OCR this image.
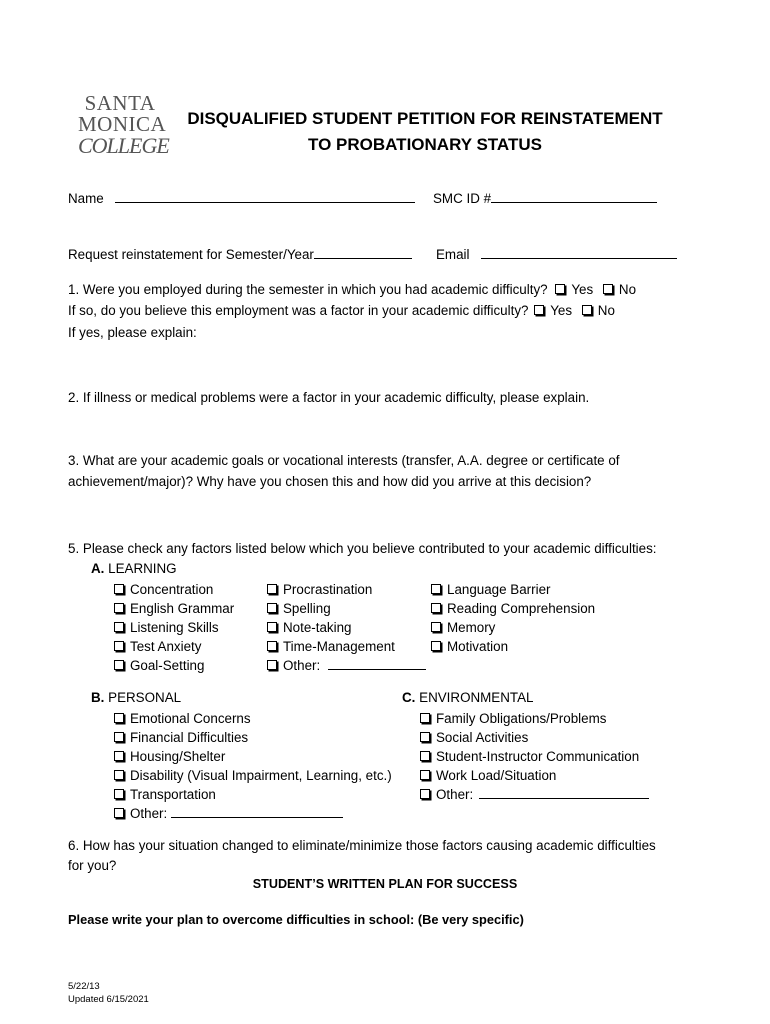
SANTA
MONICA
COLLEGE
DISQUALIFIED STUDENT PETITION FOR REINSTATEMENT
TO PROBATIONARY STATUS
Name	SMC ID #
Request reinstatement for Semester/Year	Email
1. Were you employed during the semester in which you had academic difficulty? Yes No
If so, do you believe this employment was a factor in your academic difficulty? Yes No
If yes, please explain:
2. If illness or medical problems were a factor in your academic difficulty, please explain.
3. What are your academic goals or vocational interests (transfer, A.A. degree or certificate of
achievement/major)? Why have you chosen this and how did you arrive at this decision?
5. Please check any factors listed below which you believe contributed to your academic difficulties:
A. LEARNING
Concentration
English Grammar
Listening Skills
Test Anxiety
Goal-Setting
Procrastination
Spelling
Note-taking
Time-Management
Other:
Language Barrier
Reading Comprehension
Memory
Motivation
B. PERSONAL
Emotional Concerns
Financial Difficulties
Housing/Shelter
Disability (Visual Impairment, Learning, etc.)
Transportation
Other:
C. ENVIRONMENTAL
Family Obligations/Problems
Social Activities
Student-Instructor Communication
Work Load/Situation
Other:
6. How has your situation changed to eliminate/minimize those factors causing academic difficulties
for you?
STUDENT’S WRITTEN PLAN FOR SUCCESS
Please write your plan to overcome difficulties in school: (Be very specific)
5/22/13
Updated 6/15/2021
